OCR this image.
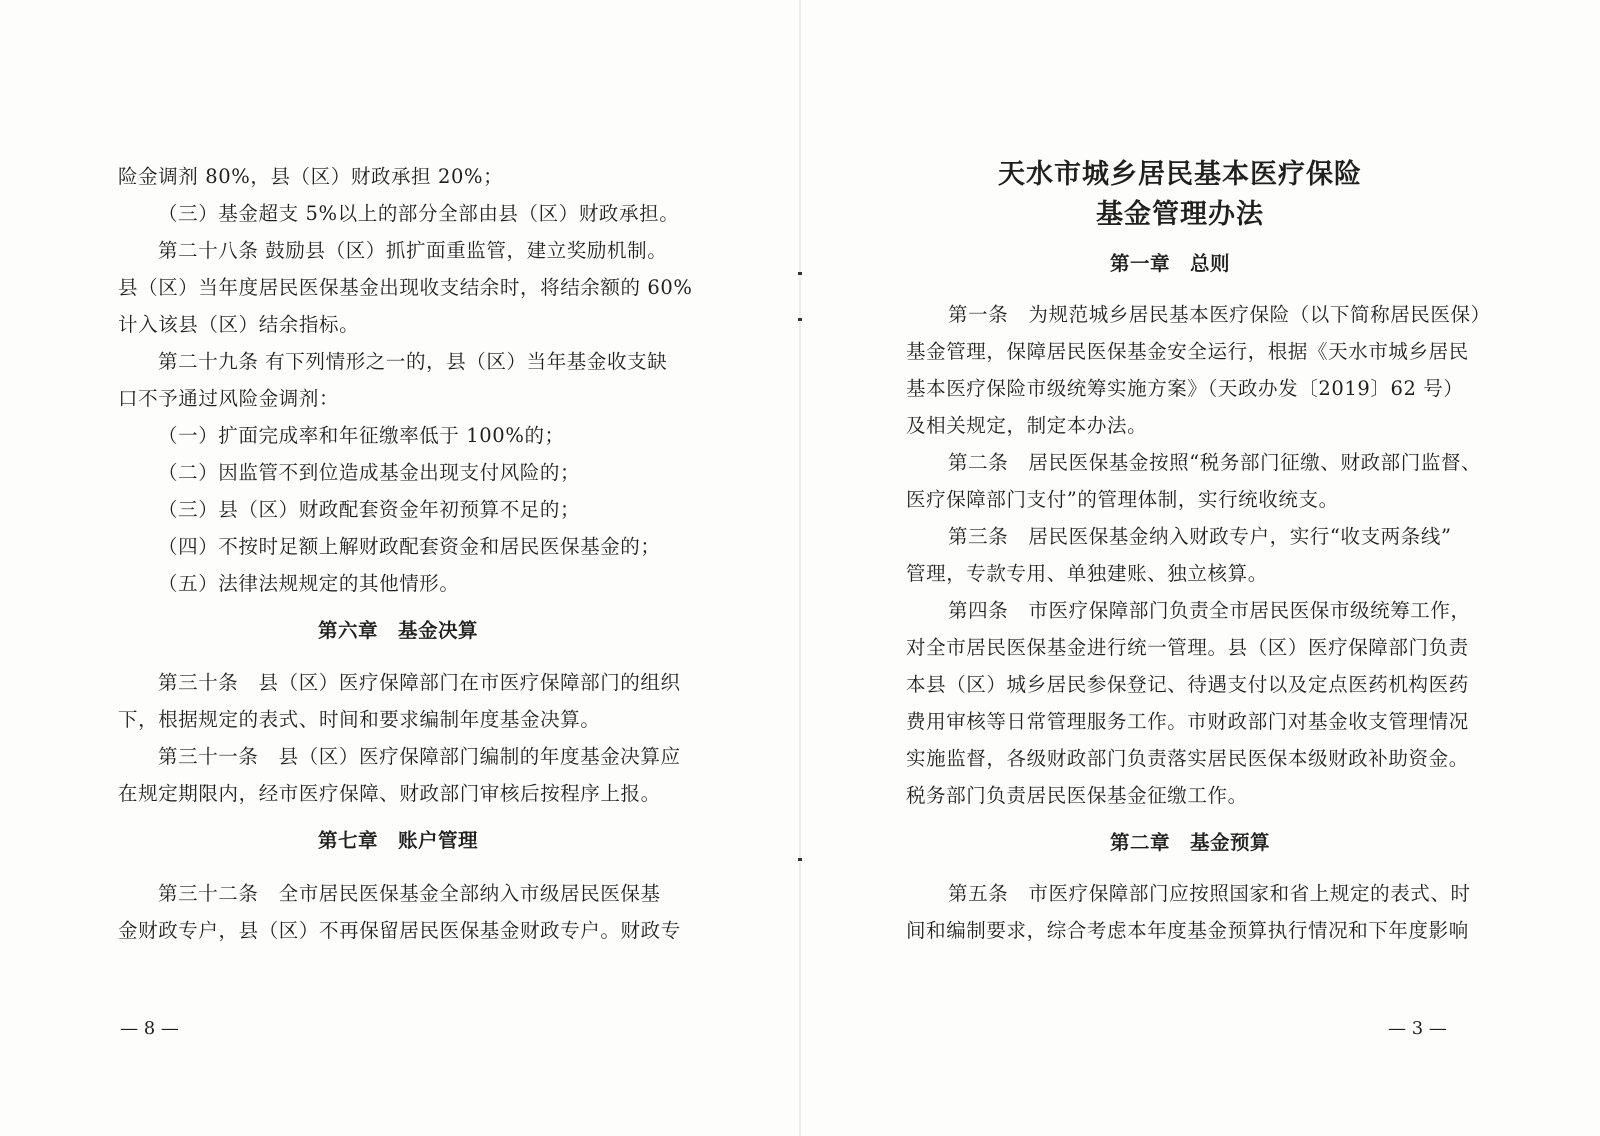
险金调剂 80%，县（区）财政承担 20%；
（三）基金超支 5%以上的部分全部由县（区）财政承担。
第二十八条 鼓励县（区）抓扩面重监管，建立奖励机制。
县（区）当年度居民医保基金出现收支结余时，将结余额的 60%
计入该县（区）结余指标。
第二十九条 有下列情形之一的，县（区）当年基金收支缺
口不予通过风险金调剂：
（一）扩面完成率和年征缴率低于 100%的；
（二）因监管不到位造成基金出现支付风险的；
（三）县（区）财政配套资金年初预算不足的；
（四）不按时足额上解财政配套资金和居民医保基金的；
（五）法律法规规定的其他情形。
第六章　基金决算
第三十条　县（区）医疗保障部门在市医疗保障部门的组织
下，根据规定的表式、时间和要求编制年度基金决算。
第三十一条　县（区）医疗保障部门编制的年度基金决算应
在规定期限内，经市医疗保障、财政部门审核后按程序上报。
第七章　账户管理
第三十二条　全市居民医保基金全部纳入市级居民医保基
金财政专户，县（区）不再保留居民医保基金财政专户。财政专
— 8 —
天水市城乡居民基本医疗保险
基金管理办法
第一章　总则
第一条　为规范城乡居民基本医疗保险（以下简称居民医保）
基金管理，保障居民医保基金安全运行，根据《天水市城乡居民
基本医疗保险市级统筹实施方案》（天政办发〔2019〕62 号）
及相关规定，制定本办法。
第二条　居民医保基金按照“税务部门征缴、财政部门监督、
医疗保障部门支付”的管理体制，实行统收统支。
第三条　居民医保基金纳入财政专户，实行“收支两条线”
管理，专款专用、单独建账、独立核算。
第四条　市医疗保障部门负责全市居民医保市级统筹工作，
对全市居民医保基金进行统一管理。县（区）医疗保障部门负责
本县（区）城乡居民参保登记、待遇支付以及定点医药机构医药
费用审核等日常管理服务工作。市财政部门对基金收支管理情况
实施监督，各级财政部门负责落实居民医保本级财政补助资金。
税务部门负责居民医保基金征缴工作。
第二章　基金预算
第五条　市医疗保障部门应按照国家和省上规定的表式、时
间和编制要求，综合考虑本年度基金预算执行情况和下年度影响
— 3 —
